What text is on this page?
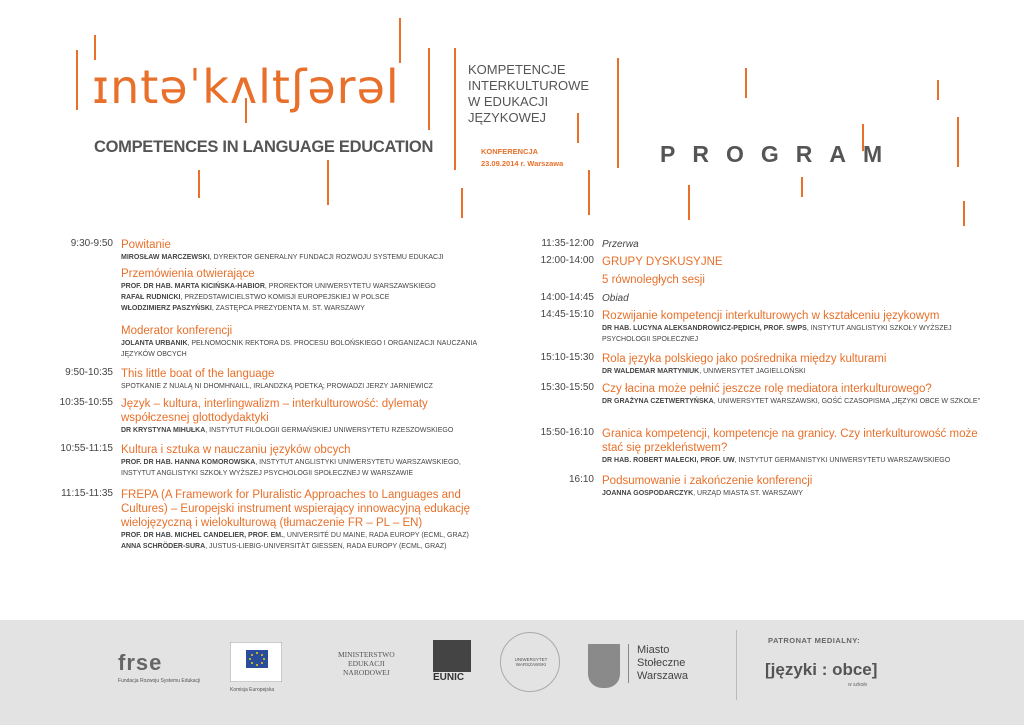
ɪntəˈkʌltʃərəl
COMPETENCES IN LANGUAGE EDUCATION
KOMPETENCJE
INTERKULTUROWE
W EDUKACJI
JĘZYKOWEJ
KONFERENCJA
23.09.2014 r. Warszawa	PROGRAM
9:30-9:50 Powitanie
MIROSŁAW MARCZEWSKI, DYREKTOR GENERALNY FUNDACJI ROZWOJU SYSTEMU EDUKACJI
Przemówienia otwierające
PROF. DR HAB. MARTA KICIŃSKA-HABIOR, PROREKTOR UNIWERSYTETU WARSZAWSKIEGO
RAFAŁ RUDNICKI, PRZEDSTAWICIELSTWO KOMISJI EUROPEJSKIEJ W POLSCE
WŁODZIMIERZ PASZYŃSKI, ZASTĘPCA PREZYDENTA M. ST. WARSZAWY
Moderator konferencji
JOLANTA URBANIK, PEŁNOMOCNIK REKTORA DS. PROCESU BOLOŃSKIEGO I ORGANIZACJI NAUCZANIA JĘZYKÓW OBCYCH
9:50-10:35 This little boat of the language
SPOTKANIE Z NUALĄ NI DHOMHNAILL, IRLANDZKĄ POETKĄ; PROWADZI JERZY JARNIEWICZ
10:35-10:55 Język – kultura, interlingwalizm – interkulturowość: dylematy współczesnej glottodydaktyki
DR KRYSTYNA MIHUŁKA, INSTYTUT FILOLOGII GERMAŃSKIEJ UNIWERSYTETU RZESZOWSKIEGO
10:55-11:15 Kultura i sztuka w nauczaniu języków obcych
PROF. DR HAB. HANNA KOMOROWSKA, INSTYTUT ANGLISTYKI UNIWERSYTETU WARSZAWSKIEGO, INSTYTUT ANGLISTYKI SZKOŁY WYŻSZEJ PSYCHOLOGII SPOŁECZNEJ W WARSZAWIE
11:15-11:35 FREPA (A Framework for Pluralistic Approaches to Languages and Cultures) – Europejski instrument wspierający innowacyjną edukację wielojęzyczną i wielokulturową (tłumaczenie FR – PL – EN)
PROF. DR HAB. MICHEL CANDELIER, PROF. EM., UNIVERSITÉ DU MAINE, RADA EUROPY (ECML, GRAZ)
ANNA SCHRÖDER-SURA, JUSTUS-LIEBIG-UNIVERSITÄT GIESSEN, RADA EUROPY (ECML, GRAZ)
11:35-12:00 Przerwa
12:00-14:00 GRUPY DYSKUSYJNE
5 równoległych sesji
14:00-14:45 Obiad
14:45-15:10 Rozwijanie kompetencji interkulturowych w kształceniu językowym
DR HAB. LUCYNA ALEKSANDROWICZ-PĘDICH, PROF. SWPS, INSTYTUT ANGLISTYKI SZKOŁY WYŻSZEJ PSYCHOLOGII SPOŁECZNEJ
15:10-15:30 Rola języka polskiego jako pośrednika między kulturami
DR WALDEMAR MARTYNIUK, UNIWERSYTET JAGIELLOŃSKI
15:30-15:50 Czy łacina może pełnić jeszcze rolę mediatora interkulturowego?
DR GRAŻYNA CZETWERTYŃSKA, UNIWERSYTET WARSZAWSKI, GOŚĆ CZASOPISMA „JĘZYKI OBCE W SZKOLE"
15:50-16:10 Granica kompetencji, kompetencje na granicy. Czy interkulturowość może stać się przekleństwem?
DR HAB. ROBERT MAŁECKI, PROF. UW, INSTYTUT GERMANISTYKI UNIWERSYTETU WARSZAWSKIEGO
16:10 Podsumowanie i zakończenie konferencji
JOANNA GOSPODARCZYK, URZĄD MIASTA ST. WARSZAWY
frse
Fundacja Rozwoju Systemu Edukacji
Komisja Europejska
MINISTERSTWO
EDUKACJI
NARODOWEJ	EUNIC
UNIWERSYTET WARSZAWSKI
Miasto
Stołeczne
Warszawa
PATRONAT MEDIALNY:
[języki : obce]
w szkole
